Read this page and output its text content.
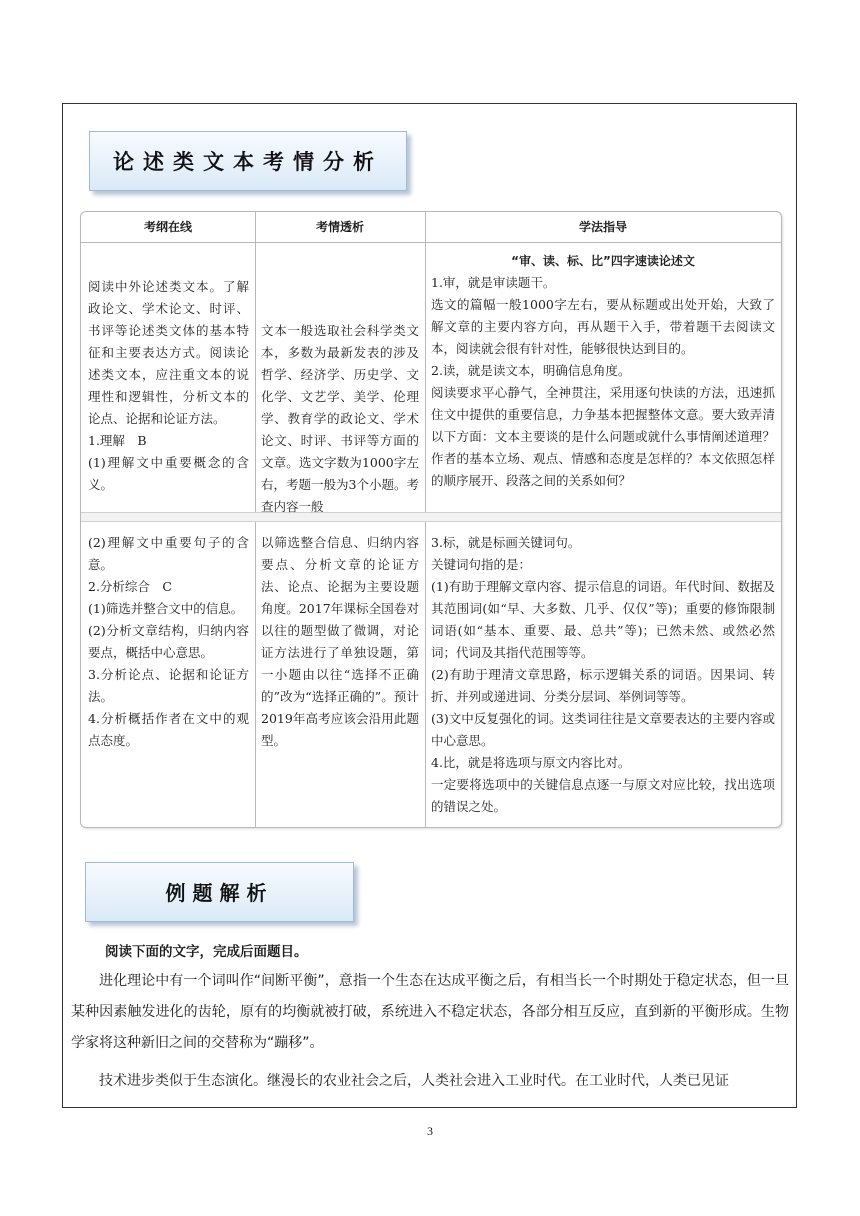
论述类文本考情分析
考纲在线	考情透析	学法指导

阅读中外论述类文本。了解政论文、学术论文、时评、书评等论述类文体的基本特征和主要表达方式。阅读论述类文本，应注重文本的说理性和逻辑性，分析文本的论点、论据和论证方法。

1.理解　B

(1)理解文中重要概念的含义。

(2)理解文中重要句子的含意。

2.分析综合　C

(1)筛选并整合文中的信息。

(2)分析文章结构，归纳内容要点，概括中心意思。

3.分析论点、论据和论证方法。

4.分析概括作者在文中的观点态度。

文本一般选取社会科学类文本，多数为最新发表的涉及哲学、经济学、历史学、文化学、文艺学、美学、伦理学、教育学的政论文、学术论文、时评、书评等方面的文章。选文字数为1000字左右，考题一般为3个小题。考查内容一般

以筛选整合信息、归纳内容要点、分析文章的论证方法、论点、论据为主要设题角度。2017年课标全国卷对以往的题型做了微调，对论证方法进行了单独设题，第一小题由以往“选择不正确的”改为“选择正确的”。预计2019年高考应该会沿用此题型。

“审、读、标、比”四字速读论述文

1.审，就是审读题干。

选文的篇幅一般1000字左右，要从标题或出处开始，大致了解文章的主要内容方向，再从题干入手，带着题干去阅读文本，阅读就会很有针对性，能够很快达到目的。

2.读，就是读文本，明确信息角度。

阅读要求平心静气，全神贯注，采用逐句快读的方法，迅速抓住文中提供的重要信息，力争基本把握整体文意。要大致弄清以下方面：文本主要谈的是什么问题或就什么事情阐述道理？作者的基本立场、观点、情感和态度是怎样的？本文依照怎样的顺序展开、段落之间的关系如何？

3.标，就是标画关键词句。

关键词句指的是：

(1)有助于理解文章内容、提示信息的词语。年代时间、数据及其范围词(如“早、大多数、几乎、仅仅”等)；重要的修饰限制词语(如“基本、重要、最、总共”等)；已然未然、或然必然词；代词及其指代范围等等。

(2)有助于理清文章思路，标示逻辑关系的词语。因果词、转折、并列或递进词、分类分层词、举例词等等。

(3)文中反复强化的词。这类词往往是文章要表达的主要内容或中心意思。

4.比，就是将选项与原文内容比对。

一定要将选项中的关键信息点逐一与原文对应比较，找出选项的错误之处。

例题解析
阅读下面的文字，完成后面题目。
进化理论中有一个词叫作“间断平衡”，意指一个生态在达成平衡之后，有相当长一个时期处于稳定状态，但一旦某种因素触发进化的齿轮，原有的均衡就被打破，系统进入不稳定状态，各部分相互反应，直到新的平衡形成。生物学家将这种新旧之间的交替称为“蹦移”。
技术进步类似于生态演化。继漫长的农业社会之后，人类社会进入工业时代。在工业时代，人类已见证
3
